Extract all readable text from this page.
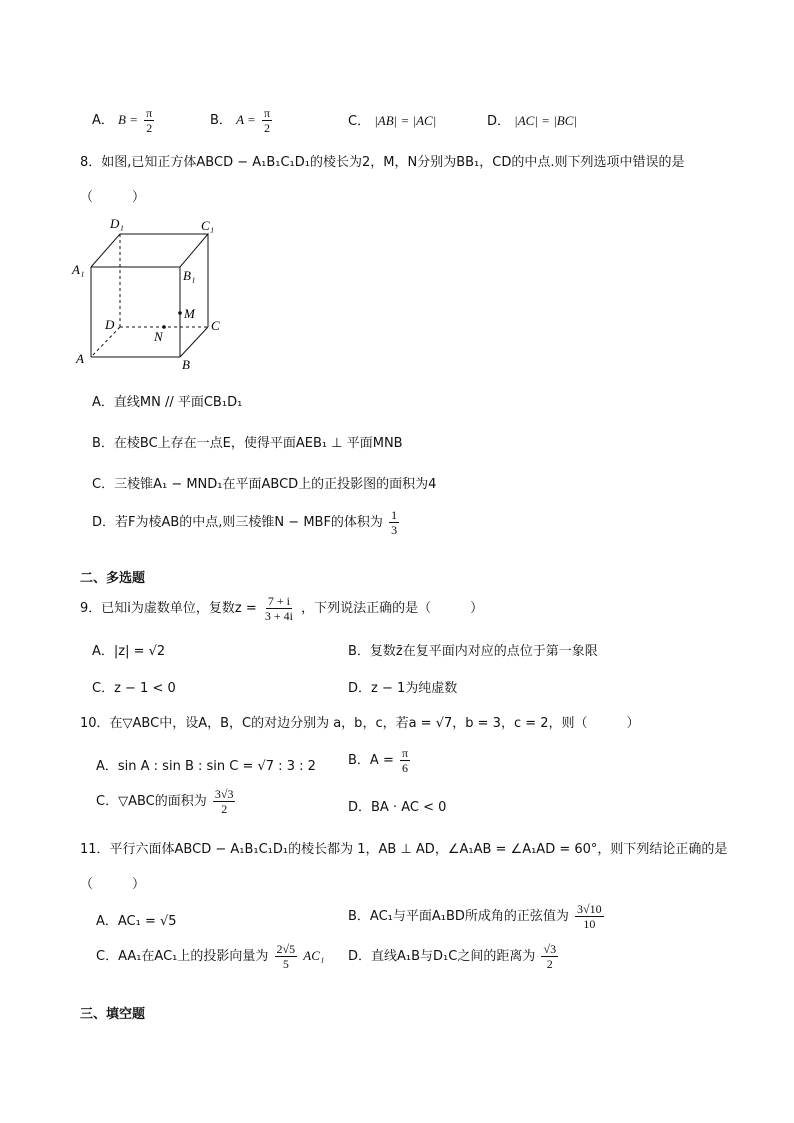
A． $B = \frac{\pi}{2}$	B． $A = \frac{\pi}{2}$	C． |AB| = |AC|	D． |AC| = |BC|
8．如图,已知正方体ABCD − A₁B₁C₁D₁的棱长为2，M，N分别为BB₁，CD的中点.则下列选项中错误的是
（　　　）
D₁	C₁
A₁	B₁
M
D	C
N
A	B
A．直线MN // 平面CB₁D₁
B．在棱BC上存在一点E，使得平面AEB₁ ⊥ 平面MNB
C．三棱锥A₁ − MND₁在平面ABCD上的正投影图的面积为4
D．若F为棱AB的中点,则三棱锥N − MBF的体积为 $\frac{1}{3}$
二、多选题
9．已知i为虚数单位，复数$z = \frac{7 + i}{3 + 4i}$ ，下列说法正确的是（　　　）
A．|z| = √2	B．复数z̄在复平面内对应的点位于第一象限
C．z − 1 < 0	D．z − 1为纯虚数
10．在▽ABC中，设A，B，C的对边分别为 a，b，c，若a = √7，b = 3，c = 2，则（　　　）
A．sin A : sin B : sin C = √7 : 3 : 2 B．$A = \frac{\pi}{6}$
C．▽ABC的面积为 $\frac{3√3}{2}$	D．BA · AC < 0
11．平行六面体ABCD − A₁B₁C₁D₁的棱长都为 1，AB ⊥ AD，∠A₁AB = ∠A₁AD = 60°，则下列结论正确的是
（　　　）
A．AC₁ = √5	B．AC₁与平面A₁BD所成角的正弦值为 $\frac{3√10}{10}$
C．AA₁在AC₁上的投影向量为 $\frac{2√5}{5} AC_1$ D．直线A₁B与D₁C之间的距离为 $\frac{√3}{2}$
三、填空题
